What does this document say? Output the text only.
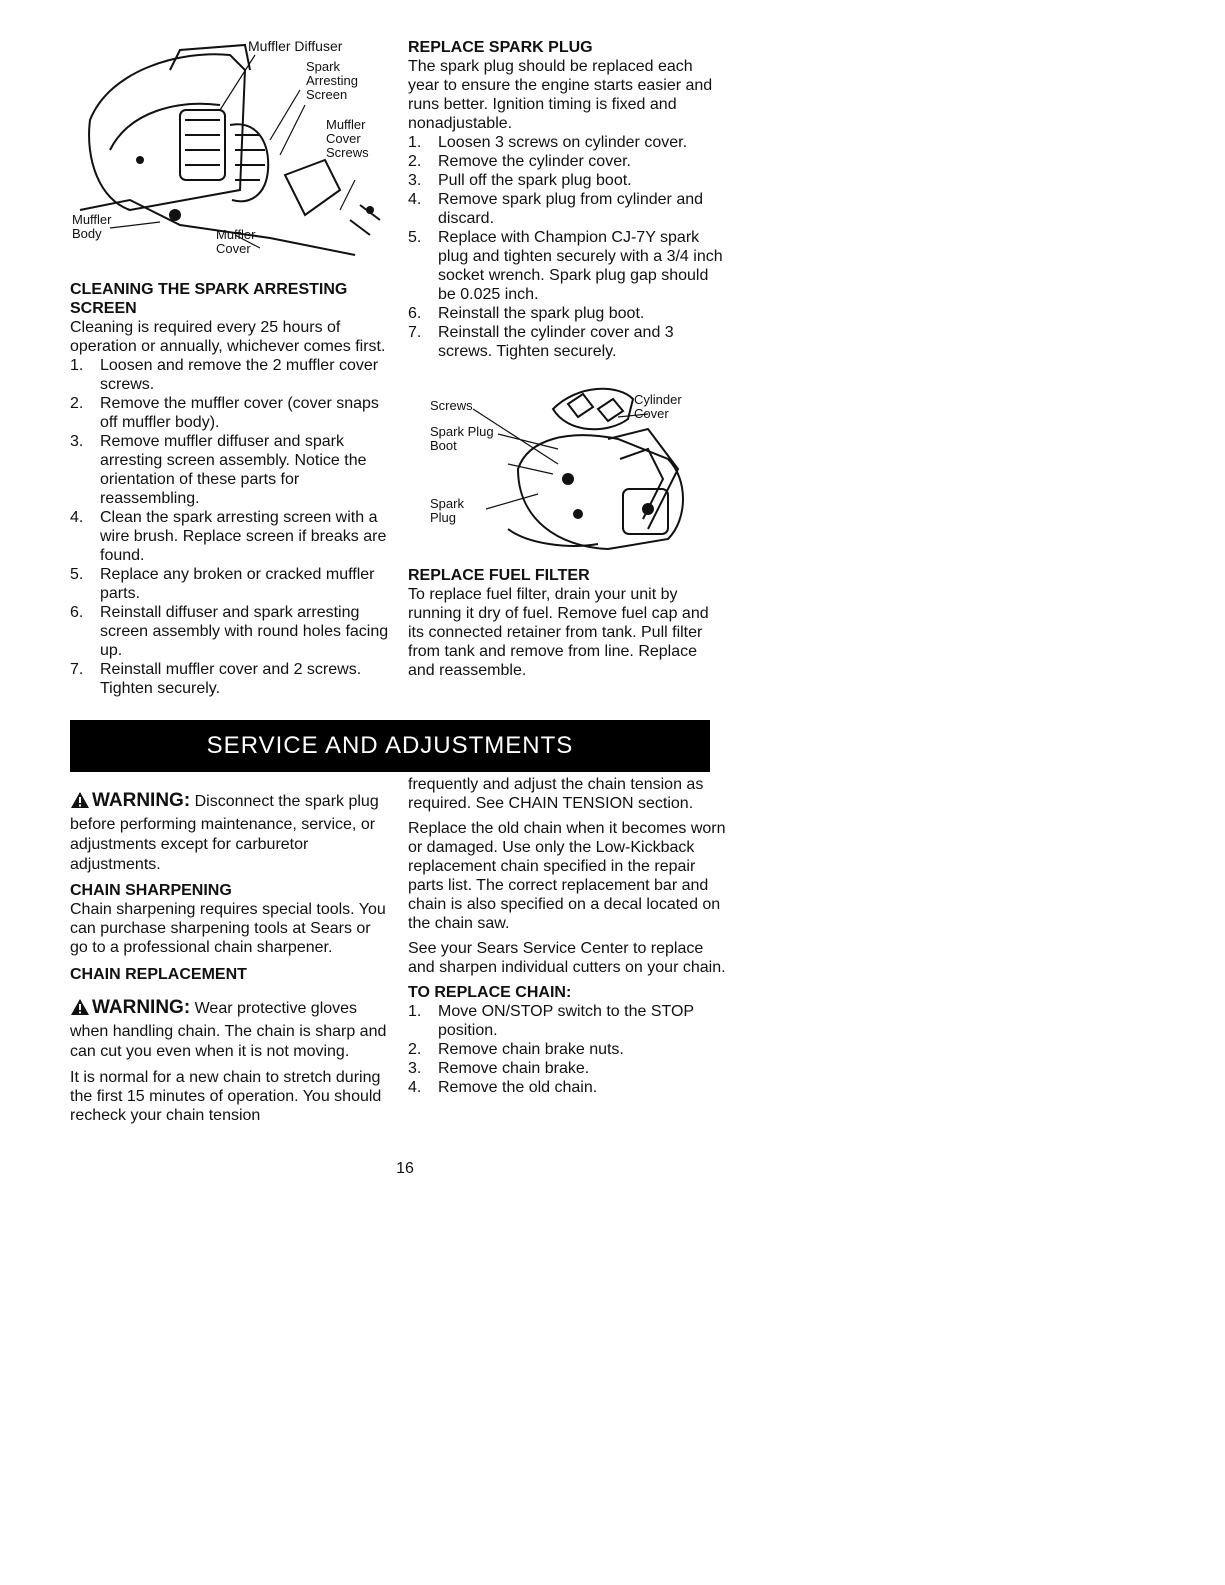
Muffler Diffuser
Spark Arresting Screen
Muffler Cover Screws
Muffler Body	Muffler Cover
CLEANING THE SPARK ARRESTING SCREEN
Cleaning is required every 25 hours of operation or annually, whichever comes first.
1.	Loosen and remove the 2 muffler cover screws.
2.	Remove the muffler cover (cover snaps off muffler body).
3.	Remove muffler diffuser and spark arresting screen assembly. Notice the orientation of these parts for reassembling.
4.	Clean the spark arresting screen with a wire brush. Replace screen if breaks are found.
5.	Replace any broken or cracked muffler parts.
6.	Reinstall diffuser and spark arresting screen assembly with round holes facing up.
7.	Reinstall muffler cover and 2 screws. Tighten securely.
REPLACE SPARK PLUG
The spark plug should be replaced each year to ensure the engine starts easier and runs better. Ignition timing is fixed and nonadjustable.
1.	Loosen 3 screws on cylinder cover.
2.	Remove the cylinder cover.
3.	Pull off the spark plug boot.
4.	Remove spark plug from cylinder and discard.
5.	Replace with Champion CJ-7Y spark plug and tighten securely with a 3/4 inch socket wrench. Spark plug gap should be 0.025 inch.
6.	Reinstall the spark plug boot.
7.	Reinstall the cylinder cover and 3 screws. Tighten securely.
Screws	Cylinder Cover
Spark Plug Boot
Spark Plug
REPLACE FUEL FILTER
To replace fuel filter, drain your unit by running it dry of fuel. Remove fuel cap and its connected retainer from tank. Pull filter from tank and remove from line. Replace and reassemble.
SERVICE AND ADJUSTMENTS
WARNING: Disconnect the spark plug before performing maintenance, service, or adjustments except for carburetor adjustments.
CHAIN SHARPENING
Chain sharpening requires special tools. You can purchase sharpening tools at Sears or go to a professional chain sharpener.
CHAIN REPLACEMENT
WARNING: Wear protective gloves when handling chain. The chain is sharp and can cut you even when it is not moving.
It is normal for a new chain to stretch during the first 15 minutes of operation. You should recheck your chain tension
frequently and adjust the chain tension as required. See CHAIN TENSION section.
Replace the old chain when it becomes worn or damaged. Use only the Low-Kickback replacement chain specified in the repair parts list. The correct replacement bar and chain is also specified on a decal located on the chain saw.
See your Sears Service Center to replace and sharpen individual cutters on your chain.
TO REPLACE CHAIN:
1.	Move ON/STOP switch to the STOP position.
2.	Remove chain brake nuts.
3.	Remove chain brake.
4.	Remove the old chain.
16
